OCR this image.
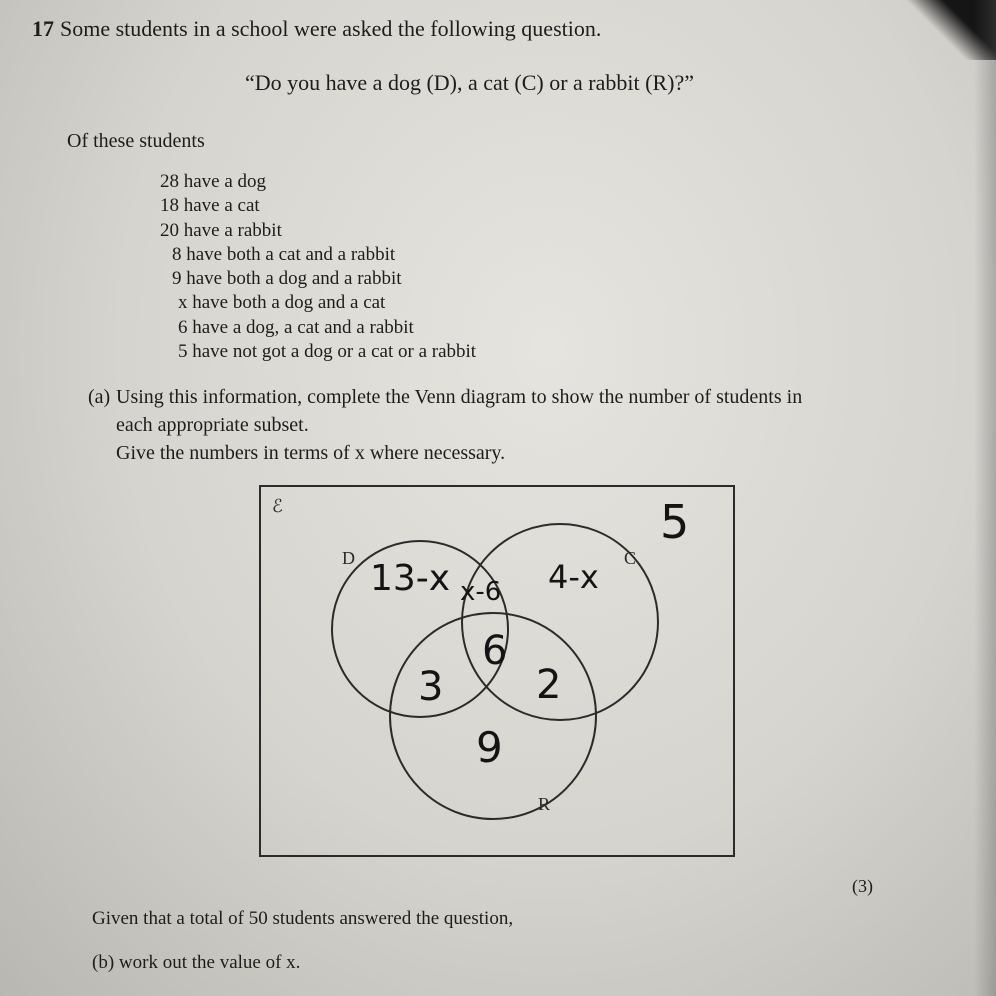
17 Some students in a school were asked the following question.

“Do you have a dog (D), a cat (C) or a rabbit (R)?”

Of these students

28 have a dog
18 have a cat
20 have a rabbit
8 have both a cat and a rabbit
9 have both a dog and a rabbit
x have both a dog and a cat
6 have a dog, a cat and a rabbit
5 have not got a dog or a cat or a rabbit

(a) Using this information, complete the Venn diagram to show the number of students in

each appropriate subset.

Give the numbers in terms of x where necessary.

ℰ
D	C
R
5
13-x x-6 4-x
6
3 2
9

(3)

Given that a total of 50 students answered the question,

(b) work out the value of x.
